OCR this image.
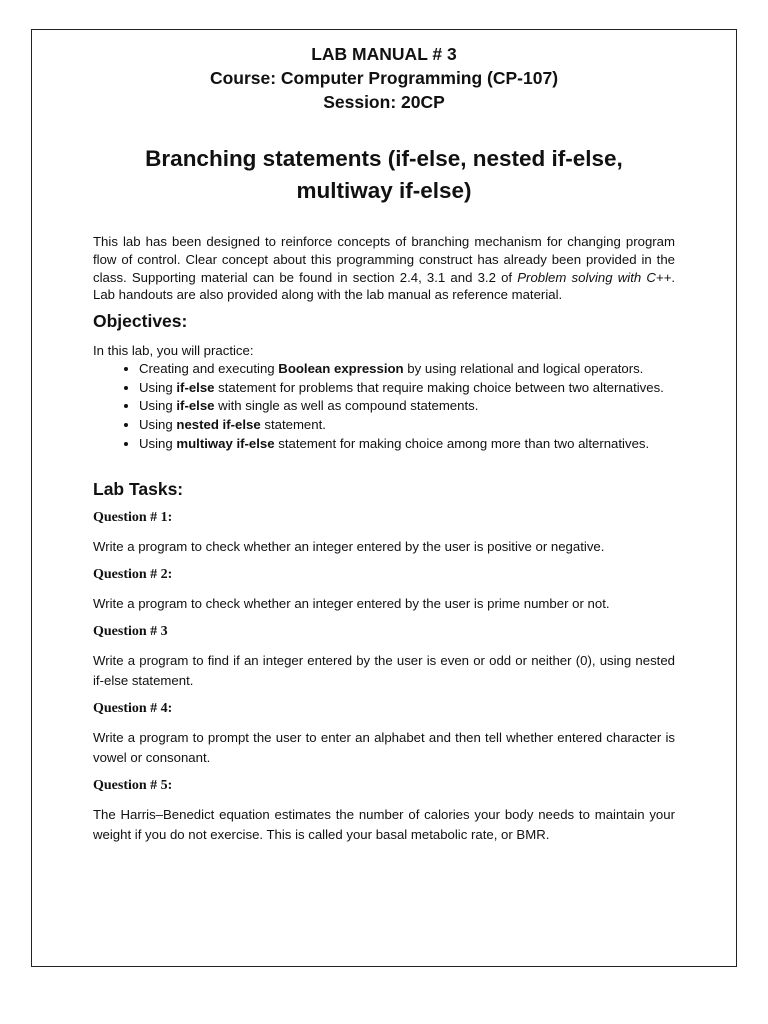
LAB MANUAL # 3
Course: Computer Programming (CP-107)
Session: 20CP
Branching statements (if-else, nested if-else, multiway if-else)

This lab has been designed to reinforce concepts of branching mechanism for changing program flow of control. Clear concept about this programming construct has already been provided in the class. Supporting material can be found in section 2.4, 3.1 and 3.2 of Problem solving with C++. Lab handouts are also provided along with the lab manual as reference material.

Objectives:
In this lab, you will practice:
• Creating and executing Boolean expression by using relational and logical operators.
• Using if-else statement for problems that require making choice between two alternatives.
• Using if-else with single as well as compound statements.
• Using nested if-else statement.
• Using multiway if-else statement for making choice among more than two alternatives.
Lab Tasks:
Question # 1:
Write a program to check whether an integer entered by the user is positive or negative.
Question # 2:
Write a program to check whether an integer entered by the user is prime number or not.
Question # 3
Write a program to find if an integer entered by the user is even or odd or neither (0), using nested if-else statement.
Question # 4:
Write a program to prompt the user to enter an alphabet and then tell whether entered character is vowel or consonant.
Question # 5:
The Harris–Benedict equation estimates the number of calories your body needs to maintain your weight if you do not exercise. This is called your basal metabolic rate, or BMR.
